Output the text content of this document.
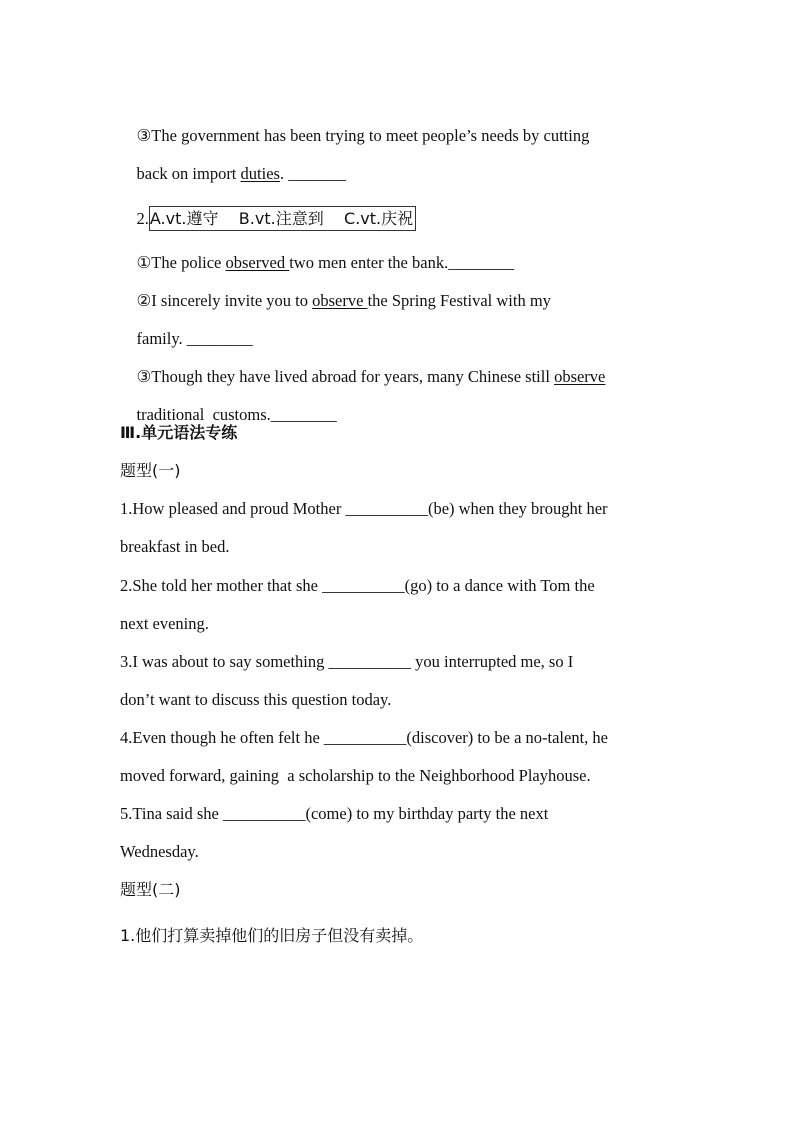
③The government has been trying to meet people’s needs by cutting

back on import duties. _______

2.A.vt.遵守    B.vt.注意到    C.vt.庆祝

①The police observed two men enter the bank.________

②I sincerely invite you to observe the Spring Festival with my

family. ________

③Though they have lived abroad for years, many Chinese still observe

traditional  customs.________

Ⅲ.单元语法专练
题型(一)
1.How pleased and proud Mother __________(be) when they brought her
breakfast in bed.
2.She told her mother that she __________(go) to a dance with Tom the
next evening.
3.I was about to say something __________ you interrupted me, so I
don’t want to discuss this question today.
4.Even though he often felt he __________(discover) to be a no-talent, he
moved forward, gaining  a scholarship to the Neighborhood Playhouse.
5.Tina said she __________(come) to my birthday party the next
Wednesday.
题型(二)
1.他们打算卖掉他们的旧房子但没有卖掉。
